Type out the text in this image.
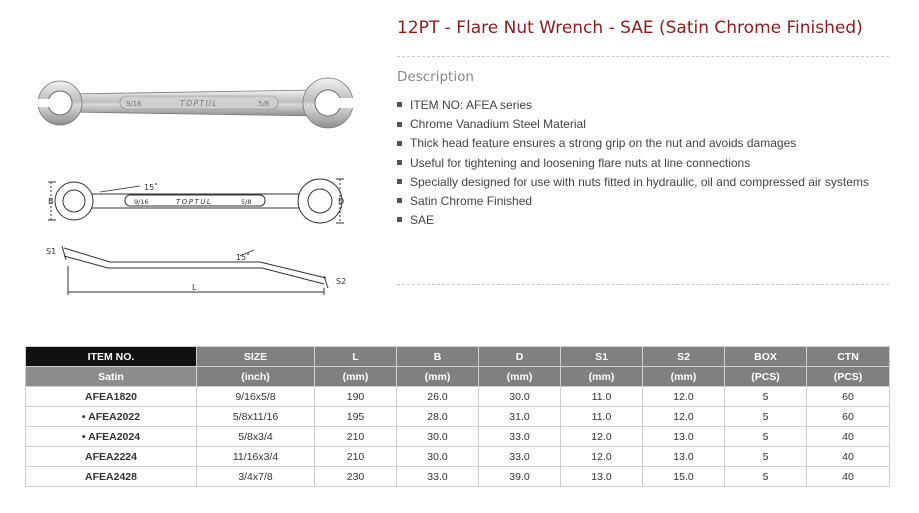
9/16	TOPTUL	5/8
15˚
9/16	TOPTUL	5/8
B	D
S1
15˚
S2
L
12PT - Flare Nut Wrench - SAE (Satin Chrome Finished)
Description
ITEM NO: AFEA series
Chrome Vanadium Steel Material
Thick head feature ensures a strong grip on the nut and avoids damages
Useful for tightening and loosening flare nuts at line connections
Specially designed for use with nuts fitted in hydraulic, oil and compressed air systems
Satin Chrome Finished
SAE
ITEM NO.	SIZE	L	B	D	S1	S2	BOX	CTN
Satin	(inch)	(mm)	(mm)	(mm)	(mm)	(mm)	(PCS)	(PCS)
AFEA1820	9/16x5/8	190	26.0	30.0	11.0	12.0	5	60
• AFEA2022	5/8x11/16	195	28.0	31.0	11.0	12.0	5	60
• AFEA2024	5/8x3/4	210	30.0	33.0	12.0	13.0	5	40
AFEA2224	11/16x3/4	210	30.0	33.0	12.0	13.0	5	40
AFEA2428	3/4x7/8	230	33.0	39.0	13.0	15.0	5	40
